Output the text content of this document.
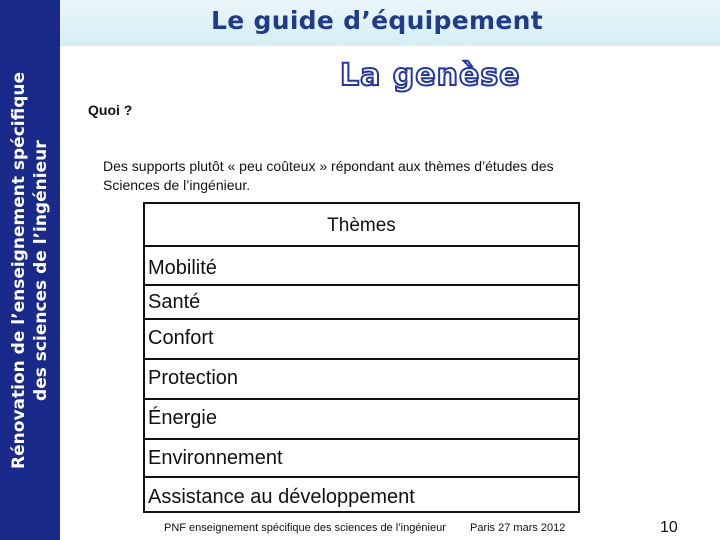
Le guide d’équipement
Rénovation de l’enseignement spécifique des sciences de l’ingénieur
La genèse
Quoi ?
Des supports plutôt « peu coûteux » répondant aux thèmes d’études des Sciences de l’ingénieur.
Thèmes
Mobilité
Santé
Confort
Protection
Énergie
Environnement
Assistance au développement
PNF enseignement spécifique des sciences de l’ingénieur Paris 27 mars 2012	10
